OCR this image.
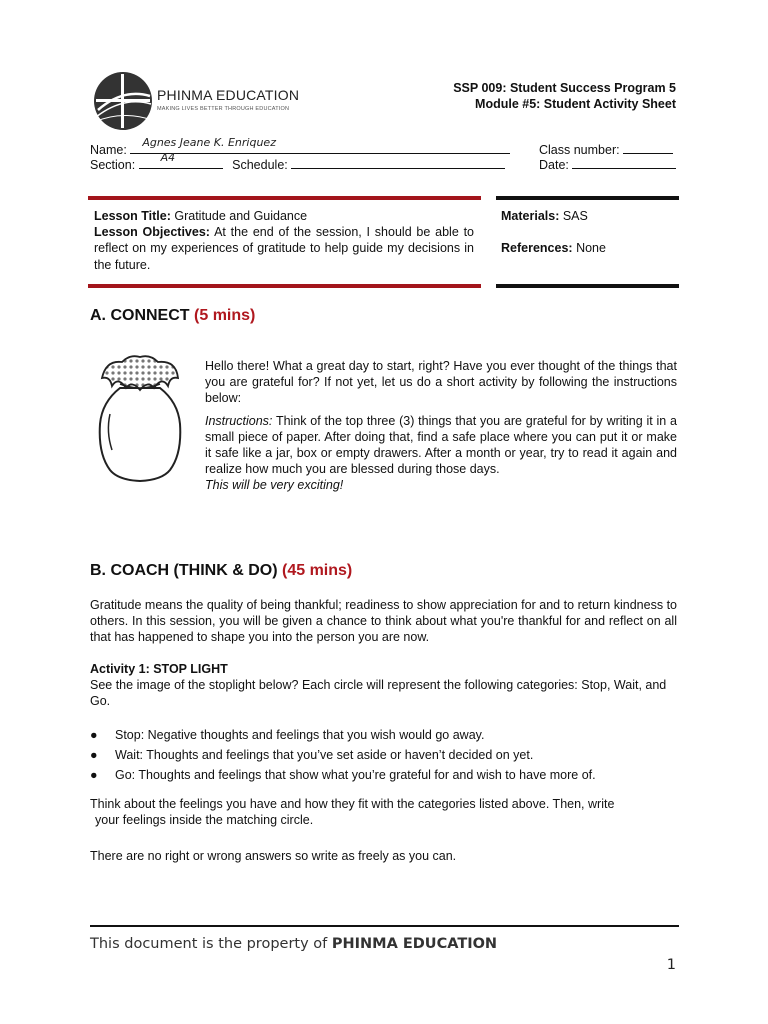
PHINMA EDUCATION
MAKING LIVES BETTER THROUGH EDUCATION
SSP 009: Student Success Program 5
Module #5: Student Activity Sheet
Name:
Agnes Jeane K. Enriquez
Class number:
Section:
A4
Schedule:	Date:
Lesson Title: Gratitude and Guidance
Lesson Objectives: At the end of the session, I should be able to reflect on my experiences of gratitude to help guide my decisions in the future.
Materials: SAS
References: None
A. CONNECT (5 mins)
Hello there! What a great day to start, right? Have you ever thought of the things that you are grateful for? If not yet, let us do a short activity by following the instructions below:
Instructions: Think of the top three (3) things that you are grateful for by writing it in a small piece of paper. After doing that, find a safe place where you can put it or make it safe like a jar, box or empty drawers. After a month or year, try to read it again and realize how much you are blessed during those days.
This will be very exciting!
B. COACH (THINK & DO) (45 mins)
Gratitude means the quality of being thankful; readiness to show appreciation for and to return kindness to others. In this session, you will be given a chance to think about what you're thankful for and reflect on all that has happened to shape you into the person you are now.
Activity 1: STOP LIGHT
See the image of the stoplight below? Each circle will represent the following categories: Stop, Wait, and Go.
● Stop: Negative thoughts and feelings that you wish would go away.
● Wait: Thoughts and feelings that you’ve set aside or haven’t decided on yet.
● Go: Thoughts and feelings that show what you’re grateful for and wish to have more of.
Think about the feelings you have and how they fit with the categories listed above. Then, write
your feelings inside the matching circle.
There are no right or wrong answers so write as freely as you can.
This document is the property of PHINMA EDUCATION
1
